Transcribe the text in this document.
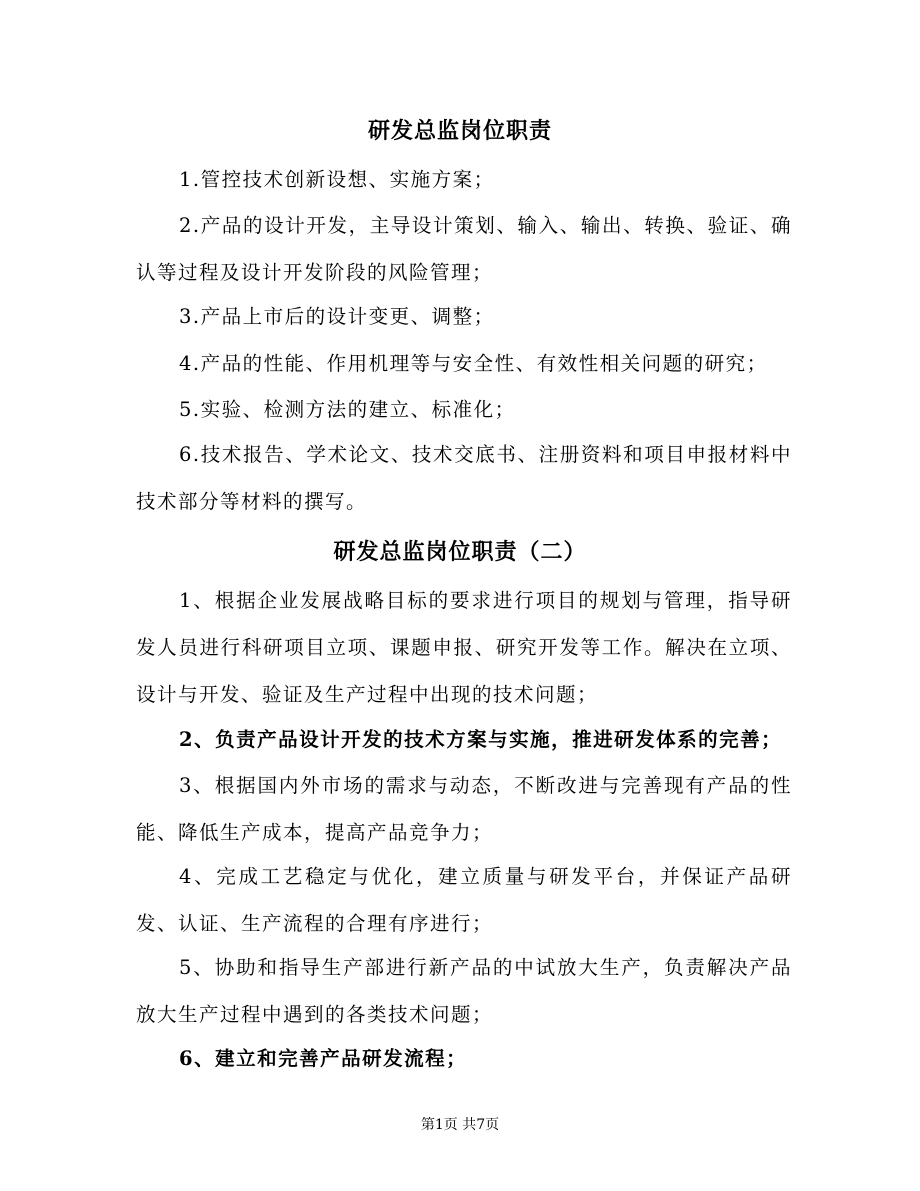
研发总监岗位职责
1.管控技术创新设想、实施方案；
2.产品的设计开发，主导设计策划、输入、输出、转换、验证、确认等过程及设计开发阶段的风险管理；
3.产品上市后的设计变更、调整；
4.产品的性能、作用机理等与安全性、有效性相关问题的研究；
5.实验、检测方法的建立、标准化；
6.技术报告、学术论文、技术交底书、注册资料和项目申报材料中技术部分等材料的撰写。
研发总监岗位职责（二）
1、根据企业发展战略目标的要求进行项目的规划与管理，指导研发人员进行科研项目立项、课题申报、研究开发等工作。解决在立项、设计与开发、验证及生产过程中出现的技术问题；
2、负责产品设计开发的技术方案与实施，推进研发体系的完善；
3、根据国内外市场的需求与动态，不断改进与完善现有产品的性能、降低生产成本，提高产品竞争力；
4、完成工艺稳定与优化，建立质量与研发平台，并保证产品研发、认证、生产流程的合理有序进行；
5、协助和指导生产部进行新产品的中试放大生产，负责解决产品放大生产过程中遇到的各类技术问题；
6、建立和完善产品研发流程；
第1页 共7页
